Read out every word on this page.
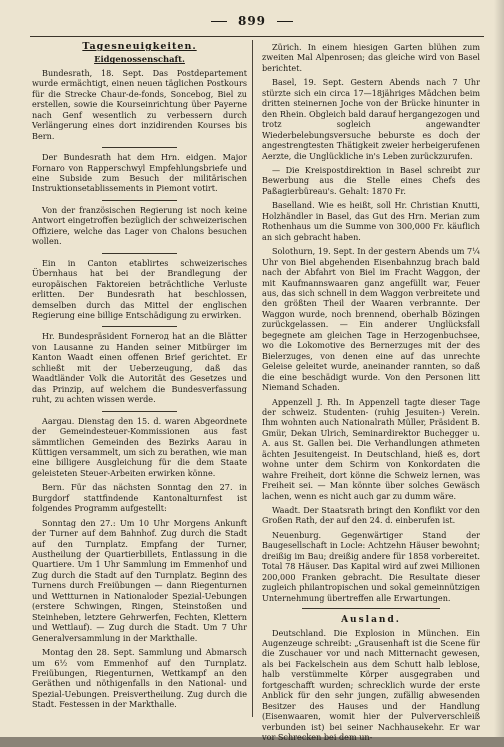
899
Tagesneuigkeiten.
Eidgenossenschaft.

Bundesrath, 18. Sept. Das Postdepartement wurde ermächtigt, einen neuen täglichen Postkours für die Strecke Chaur-de-fonds, Soncebog, Biel zu erstellen, sowie die Kourseinrichtung über Payerne nach Genf wesentlich zu verbessern durch Verlängerung eines dort inzidirenden Kourses bis Bern.

Der Bundesrath hat dem Hrn. eidgen. Major Fornaro von Rapperschwyl Empfehlungsbriefe und eine Subside zum Besuch der militärischen Instruktionsetablissements in Piemont votirt.

Von der französischen Regierung ist noch keine Antwort eingetroffen bezüglich der schweizerischen Offiziere, welche das Lager von Chalons besuchen wollen.

Ein in Canton etablirtes schweizerisches Übernhaus hat bei der Brandlegung der europäischen Faktoreien beträchtliche Verluste erlitten. Der Bundesrath hat beschlossen, demselben durch das Mittel der englischen Regierung eine billige Entschädigung zu erwirken.

Hr. Bundespräsident Forneroд hat an die Blätter von Lausanne zu Handen seiner Mitbürger im Kanton Waadt einen offenen Brief gerichtet. Er schließt mit der Ueberzeugung, daß das Waadtländer Volk die Autorität des Gesetzes und das Prinzip, auf welchem die Bundesverfassung ruht, zu achten wissen werde.

Aargau. Dienstag den 15. d. waren Abgeordnete der Gemeindesteuer-Kommissionen aus fast sämmtlichen Gemeinden des Bezirks Aarau in Küttigen versammelt, um sich zu berathen, wie man eine billigere Ausgleichung für die dem Staate geleisteten Steuer-Arbeiten erwirken könne.

Bern. Für das nächsten Sonntag den 27. in Burgdorf stattfindende Kantonalturnfest ist folgendes Programm aufgestellt:

Sonntag den 27.: Um 10 Uhr Morgens Ankunft der Turner auf dem Bahnhof. Zug durch die Stadt auf den Turnplatz. Empfang der Turner, Austheilung der Quartierbillets, Entlassung in die Quartiere. Um 1 Uhr Sammlung im Emmenhof und Zug durch die Stadt auf den Turnplatz. Beginn des Turnens durch Freiübungen — dann Riegenturnen und Wettturnen in Nationaloder Spezial-Uebungen (erstere Schwingen, Ringen, Steinstoßen und Steinheben, letztere Gehrwerfen, Fechten, Klettern und Wettlauf). — Zug durch die Stadt. Um 7 Uhr Generalversammlung in der Markthalle.

Montag den 28. Sept. Sammlung und Abmarsch um 6½ vom Emmenhof auf den Turnplatz. Freiübungen, Riegenturnen, Wettkampf an den Geräthen und nöthigenfalls in den National- und Spezial-Uebungen. Preisvertheilung. Zug durch die Stadt. Festessen in der Markthalle.

Zürich. In einem hiesigen Garten blühen zum zweiten Mal Alpenrosen; das gleiche wird von Basel berichtet.

Basel, 19. Sept. Gestern Abends nach 7 Uhr stürzte sich ein circa 17—18jähriges Mädchen beim dritten steinernen Joche von der Brücke hinunter in den Rhein. Obgleich bald darauf hergangezogen und trotz sogleich angewandter Wiederbelebungsversuche beburste es doch der angestrengtesten Thätigkeit zweier herbeigerufenen Aerzte, die Unglückliche in's Leben zurückzurufen.

— Die Kreispostdirektion in Basel schreibt zur Bewerbung aus die Stelle eines Chefs des Paßagierbüreau's. Gehalt: 1870 Fr.

Baselland. Wie es heißt, soll Hr. Christian Knutti, Holzhändler in Basel, das Gut des Hrn. Merian zum Rothenhaus um die Summe von 300,000 Fr. käuflich an sich gebracht haben.

Solothurn, 19. Sept. In der gestern Abends um 7¼ Uhr von Biel abgehenden Eisenbahnzug brach bald nach der Abfahrt von Biel im Fracht Waggon, der mit Kaufmannswaaren ganz angefüllt war, Feuer aus, das sich schnell in dem Waggon verbreitete und den größten Theil der Waaren verbrannte. Der Waggon wurde, noch brennend, oberhalb Bözingen zurückgelassen. — Ein anderer Unglücksfall begegnete am gleichen Tage in Herzogenbuchsee, wo die Lokomotive des Bernerzuges mit der des Bielerzuges, von denen eine auf das unrechte Geleise geleitet wurde, aneinander rannten, so daß die eine beschädigt wurde. Von den Personen litt Niemand Schaden.

Appenzell J. Rh. In Appenzell tagte dieser Tage der schweiz. Studenten- (ruhig Jesuiten-) Verein. Ihm wohnten auch Nationalrath Müller, Präsident B. Gmür, Dekan Ulrich, Seminardirektor Buchegger u. A. aus St. Gallen bei. Die Verhandlungen athmeten ächten Jesuitengeist. In Deutschland, hieß es, dort wohne unter dem Schirm von Konkordaten die wahre Freiheit, dort könne die Schweiz lernen, was Freiheit sei. — Man könnte über solches Gewäsch lachen, wenn es nicht auch gar zu dumm wäre.

Waadt. Der Staatsrath bringt den Konflikt vor den Großen Rath, der auf den 24. d. einberufen ist.

Neuenburg. Gegenwärtiger Stand der Baugesellschaft in Locle: Achtzehn Häuser bewohnt; dreißig im Bau; dreißig andere für 1858 vorbereitet. Total 78 Häuser. Das Kapital wird auf zwei Millionen 200,000 Franken gebracht. Die Resultate dieser zugleich philantropischen und sokal gemeinnützigen Unternehmung übertreffen alle Erwartungen.

Ausland.

Deutschland. Die Explosion in München. Ein Augenzeuge schreibt: „Grausenhaft ist die Scene für die Zuschauer vor und nach Mitternacht gewesen, als bei Fackelschein aus dem Schutt halb leblose, halb verstümmelte Körper ausgegraben und fortgeschafft wurden; schrecklich wurde der erste Anblick für den sehr jungen, zufällig abwesenden Besitzer des Hauses und der Handlung (Eisenwaaren, womit hier der Pulververschleiß verbunden ist) bei seiner Nachhausekehr. Er war vor Schrecken bei dem un-
